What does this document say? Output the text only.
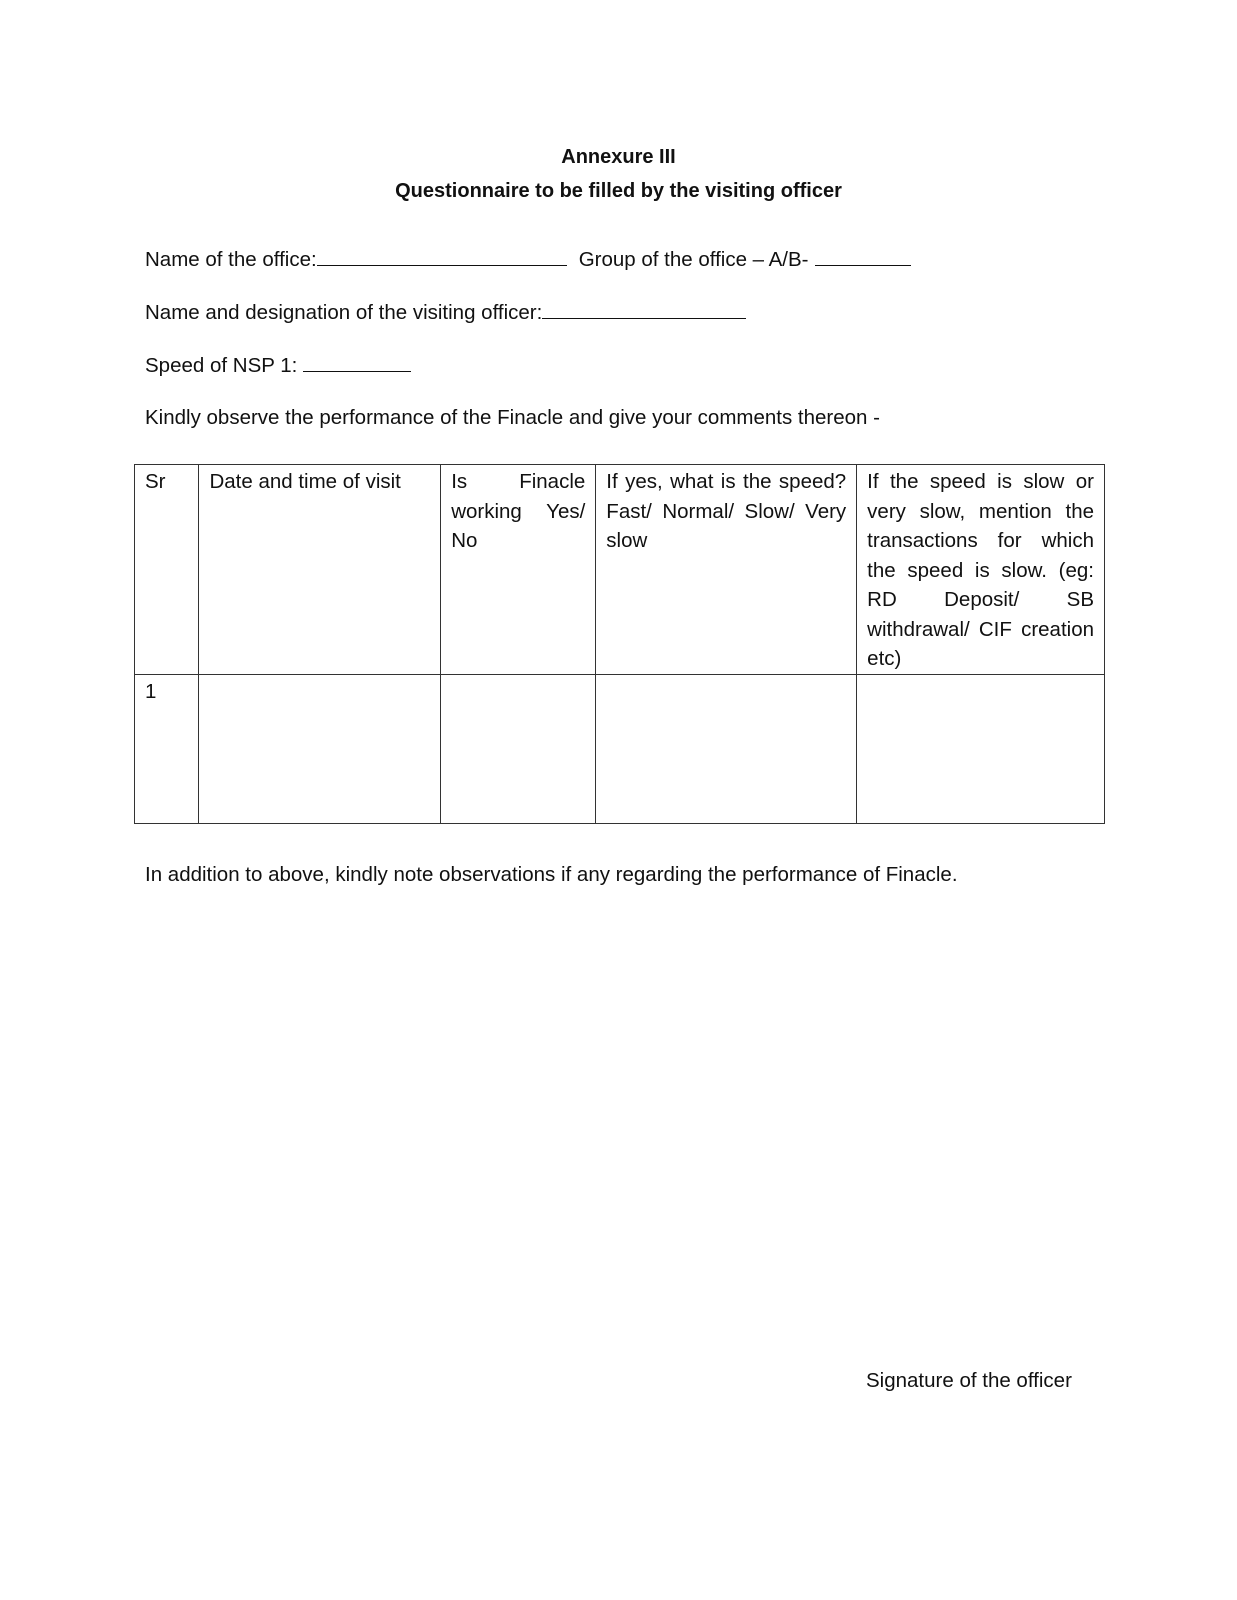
Annexure III
Questionnaire to be filled by the visiting officer
Name of the office:	Group of the office – A/B-
Name and designation of the visiting officer:
Speed of NSP 1:
Kindly observe the performance of the Finacle and give your comments thereon -
Sr	Date and time of visit	Is Finacle working Yes/ No	If yes, what is the speed? Fast/ Normal/ Slow/ Very slow	If the speed is slow or very slow, mention the transactions for which the speed is slow. (eg: RD Deposit/ SB withdrawal/ CIF creation etc)
1				
In addition to above, kindly note observations if any regarding the performance of Finacle.
Signature of the officer
